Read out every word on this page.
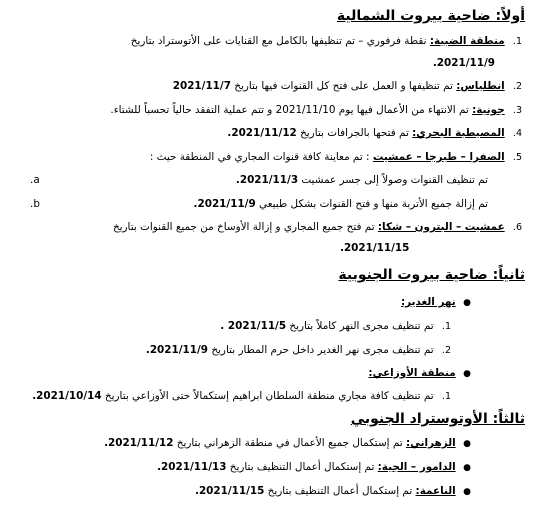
أولاً: ضاحية بيروت الشمالية
1. منطقة الضبية: نقطة فرفوري – تم تنظيفها بالكامل مع القنايات على الأتوستراد بتاريخ
2021/11/9.
2. انطلياس: تم تنظيفها و العمل على فتح كل القنوات فيها بتاريخ 2021/11/7
3. جونية: تم الانتهاء من الأعمال فيها يوم 2021/11/10 و تتم عملية التفقد حالياً تحسباً للشتاء.
4. المصيطبة البحري: تم فتحها بالجرافات بتاريخ 2021/11/12.
5. الصفرا – طبرجا – عمشيت : تم معاينة كافة قنوات المجاري في المنطقة حيث :
تم تنظيف القنوات وصولاً إلى جسر عمشيت 2021/11/3.
a.
تم إزالة جميع الأتربة منها و فتح القنوات بشكل طبيعي 2021/11/9.
b.
6. عمشيت – البترون – شكا: تم فتح جميع المجاري و إزالة الأوساخ من جميع القنوات بتاريخ
2021/11/15.
ثانياً: ضاحية بيروت الجنوبية
● نهر الغدير:
1. تم تنظيف مجرى النهر كاملاً بتاريخ 2021/11/5 .
2. تم تنظيف مجرى نهر الغدير داخل حرم المطار بتاريخ 2021/11/9.
● منطقة الأوزاعي:
1. تم تنظيف كافة مجاري منطقة السلطان ابراهيم إستكمالاً حتى الأوزاعي بتاريخ 2021/10/14.
ثالثاً: الأوتوستراد الجنوبي
● الزهراني: تم إستكمال جميع الأعمال في منطقة الزهراني بتاريخ 2021/11/12.
● الدامور – الجية: تم إستكمال أعمال التنظيف بتاريخ 2021/11/13.
● الناعمة: تم إستكمال أعمال التنظيف بتاريخ 2021/11/15.
